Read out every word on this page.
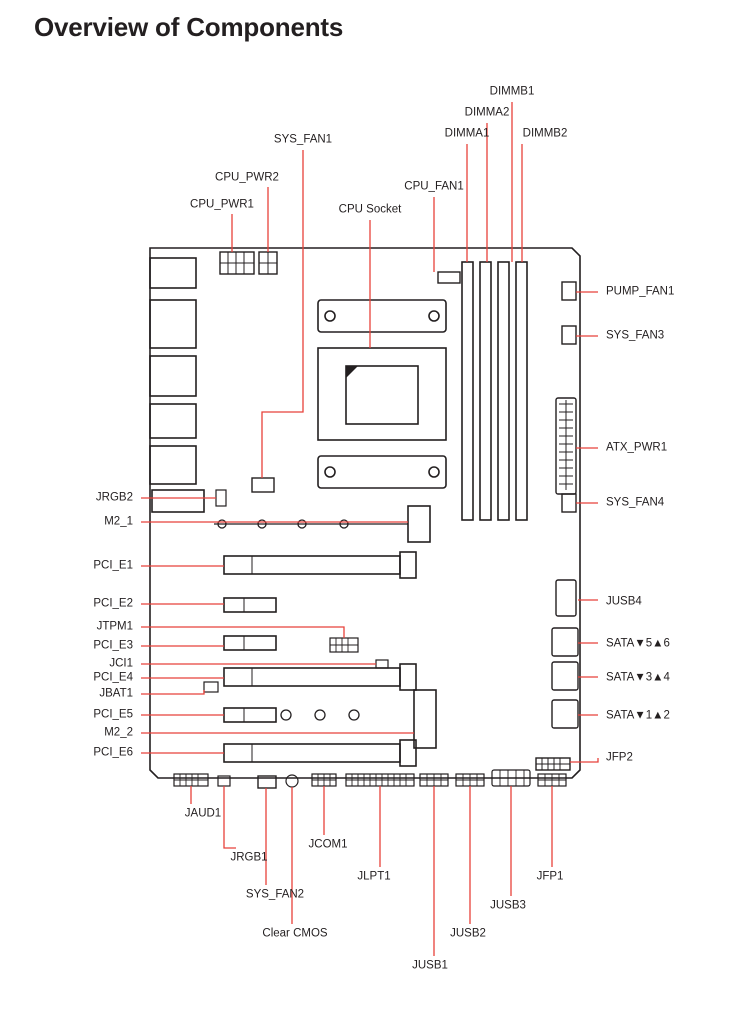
Overview of Components
CPU_PWR1
CPU_PWR2
SYS_FAN1
CPU Socket
CPU_FAN1
DIMMA1
DIMMA2
DIMMB1
DIMMB2
PUMP_FAN1
SYS_FAN3
ATX_PWR1
SYS_FAN4
JUSB4
SATA▼5▲6
SATA▼3▲4
SATA▼1▲2
JFP2
JRGB2
M2_1
PCI_E1
PCI_E2
JTPM1
PCI_E3
JCI1
PCI_E4
JBAT1
PCI_E5
M2_2
PCI_E6
JAUD1
JRGB1
SYS_FAN2
JCOM1
Clear CMOS
JLPT1
JUSB1
JUSB2
JUSB3
JFP1
